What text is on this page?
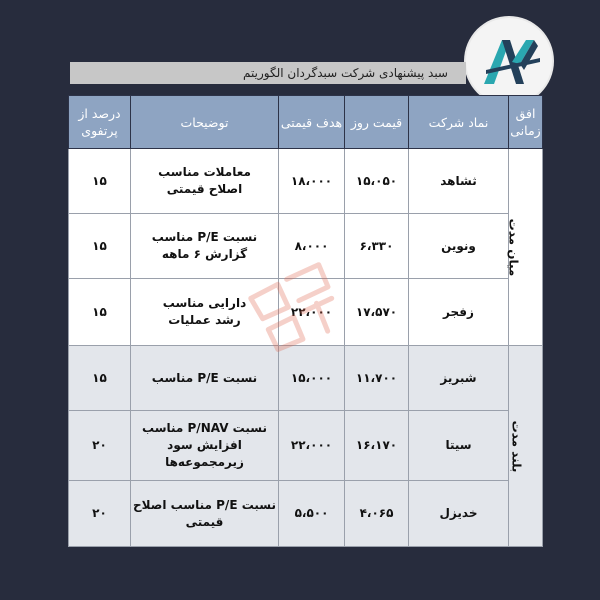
سبد پیشنهادی شرکت سبدگردان الگوریتم
افق زمانی	نماد شرکت	قیمت روز	هدف قیمتی	توضیحات	درصد از پرتفوی
میان مدت	ثشاهد	۱۵،۰۵۰	۱۸،۰۰۰	معاملات مناسب
اصلاح قیمتی	۱۵
	ونوین	۶،۳۳۰	۸،۰۰۰	نسبت P/E مناسب
گزارش ۶ ماهه	۱۵
	زفجر	۱۷،۵۷۰	۲۲،۰۰۰	دارایی مناسب
رشد عملیات	۱۵
بلند مدت	شبریز	۱۱،۷۰۰	۱۵،۰۰۰	نسبت P/E مناسب	۱۵
	سیتا	۱۶،۱۷۰	۲۲،۰۰۰	نسبت P/NAV مناسب
افزایش سود زیرمجموعه‌ها	۲۰
	خدیزل	۴،۰۶۵	۵،۵۰۰	نسبت P/E مناسب اصلاح
قیمتی	۲۰
